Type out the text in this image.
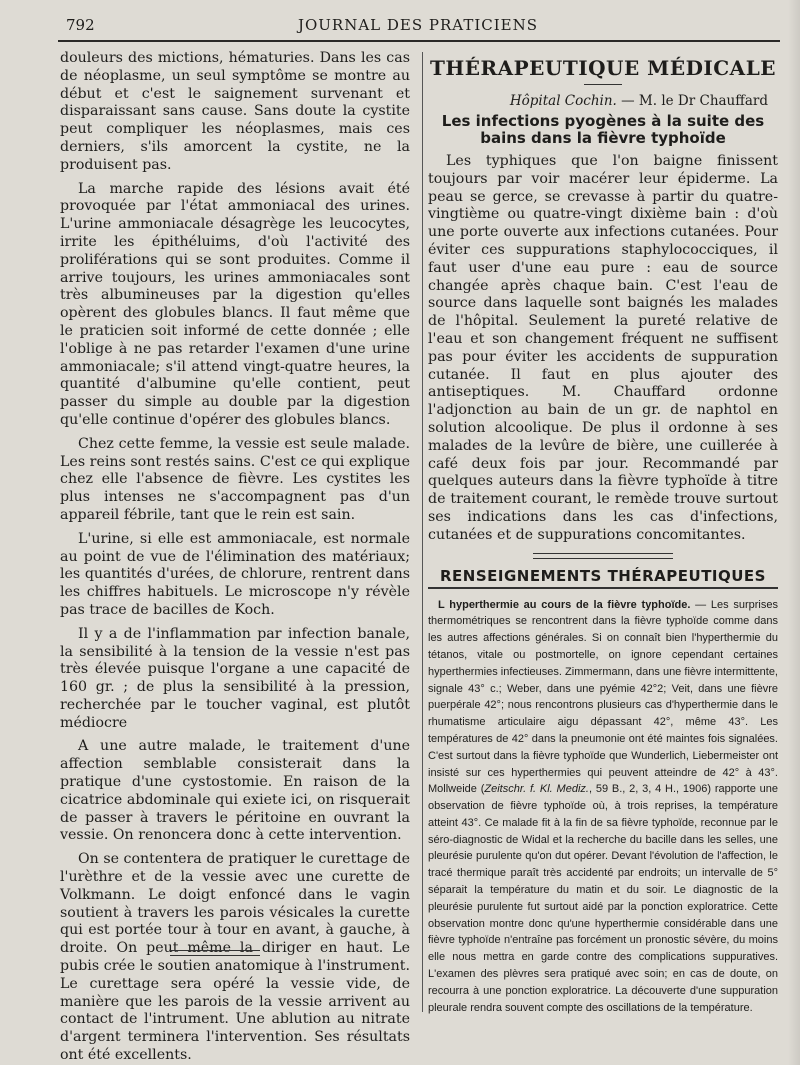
792	JOURNAL DES PRATICIENS

douleurs des mictions, hématuries. Dans les cas de néoplasme, un seul symptôme se montre au début et c'est le saignement survenant et disparaissant sans cause. Sans doute la cystite peut compliquer les néoplasmes, mais ces derniers, s'ils amorcent la cystite, ne la produisent pas.

La marche rapide des lésions avait été provoquée par l'état ammoniacal des urines. L'urine ammoniacale désagrège les leucocytes, irrite les épithéluims, d'où l'activité des proliférations qui se sont produites. Comme il arrive toujours, les urines ammoniacales sont très albumineuses par la digestion qu'elles opèrent des globules blancs. Il faut même que le praticien soit informé de cette donnée ; elle l'oblige à ne pas retarder l'examen d'une urine ammoniacale; s'il attend vingt-quatre heures, la quantité d'albumine qu'elle contient, peut passer du simple au double par la digestion qu'elle continue d'opérer des globules blancs.

Chez cette femme, la vessie est seule malade. Les reins sont restés sains. C'est ce qui explique chez elle l'absence de fièvre. Les cystites les plus intenses ne s'accompagnent pas d'un appareil fébrile, tant que le rein est sain.

L'urine, si elle est ammoniacale, est normale au point de vue de l'élimination des matériaux; les quantités d'urées, de chlorure, rentrent dans les chiffres habituels. Le microscope n'y révèle pas trace de bacilles de Koch.

Il y a de l'inflammation par infection banale, la sensibilité à la tension de la vessie n'est pas très élevée puisque l'organe a une capacité de 160 gr. ; de plus la sensibilité à la pression, recherchée par le toucher vaginal, est plutôt médiocre

A une autre malade, le traitement d'une affection semblable consisterait dans la pratique d'une cystostomie. En raison de la cicatrice abdominale qui exiete ici, on risquerait de passer à travers le péritoine en ouvrant la vessie. On renoncera donc à cette intervention.

On se contentera de pratiquer le curettage de l'urèthre et de la vessie avec une curette de Volkmann. Le doigt enfoncé dans le vagin soutient à travers les parois vésicales la curette qui est portée tour à tour en avant, à gauche, à droite. On peut même la diriger en haut. Le pubis crée le soutien anatomique à l'instrument. Le curettage sera opéré la vessie vide, de manière que les parois de la vessie arrivent au contact de l'intrument. Une ablution au nitrate d'argent terminera l'intervention. Ses résultats ont été excellents.

THÉRAPEUTIQUE MÉDICALE
Hôpital Cochin. — M. le Dr Chauffard
Les infections pyogènes à la suite des bains dans la fièvre typhoïde

Les typhiques que l'on baigne finissent toujours par voir macérer leur épiderme. La peau se gerce, se crevasse à partir du quatre-vingtième ou quatre-vingt dixième bain : d'où une porte ouverte aux infections cutanées. Pour éviter ces suppurations staphylococciques, il faut user d'une eau pure : eau de source changée après chaque bain. C'est l'eau de source dans laquelle sont baignés les malades de l'hôpital. Seulement la pureté relative de l'eau et son changement fréquent ne suffisent pas pour éviter les accidents de suppuration cutanée. Il faut en plus ajouter des antiseptiques. M. Chauffard ordonne l'adjonction au bain de un gr. de naphtol en solution alcoolique. De plus il ordonne à ses malades de la levûre de bière, une cuillerée à café deux fois par jour. Recommandé par quelques auteurs dans la fièvre typhoïde à titre de traitement courant, le remède trouve surtout ses indications dans les cas d'infections, cutanées et de suppurations concomitantes.

RENSEIGNEMENTS THÉRAPEUTIQUES

L hyperthermie au cours de la fièvre typhoïde. — Les surprises thermométriques se rencontrent dans la fièvre typhoïde comme dans les autres affections générales. Si on connaît bien l'hyperthermie du tétanos, vitale ou postmortelle, on ignore cependant certaines hyperthermies infectieuses. Zimmermann, dans une fièvre intermittente, signale 43° c.; Weber, dans une pyémie 42°2; Veit, dans une fièvre puerpérale 42°; nous rencontrons plusieurs cas d'hyperthermie dans le rhumatisme articulaire aigu dépassant 42°, même 43°. Les températures de 42° dans la pneumonie ont été maintes fois signalées. C'est surtout dans la fièvre typhoïde que Wunderlich, Liebermeister ont insisté sur ces hyperthermies qui peuvent atteindre de 42° à 43°. Mollweide (Zeitschr. f. Kl. Mediz., 59 B., 2, 3, 4 H., 1906) rapporte une observation de fièvre typhoïde où, à trois reprises, la température atteint 43°. Ce malade fit à la fin de sa fièvre typhoïde, reconnue par le séro-diagnostic de Widal et la recherche du bacille dans les selles, une pleurésie purulente qu'on dut opérer. Devant l'évolution de l'affection, le tracé thermique paraît très accidenté par endroits; un intervalle de 5° séparait la température du matin et du soir. Le diagnostic de la pleurésie purulente fut surtout aidé par la ponction exploratrice. Cette observation montre donc qu'une hyperthermie considérable dans une fièvre typhoïde n'entraîne pas forcément un pronostic sévère, du moins elle nous mettra en garde contre des complications suppuratives. L'examen des plèvres sera pratiqué avec soin; en cas de doute, on recourra à une ponction exploratrice. La découverte d'une suppuration pleurale rendra souvent compte des oscillations de la température.
